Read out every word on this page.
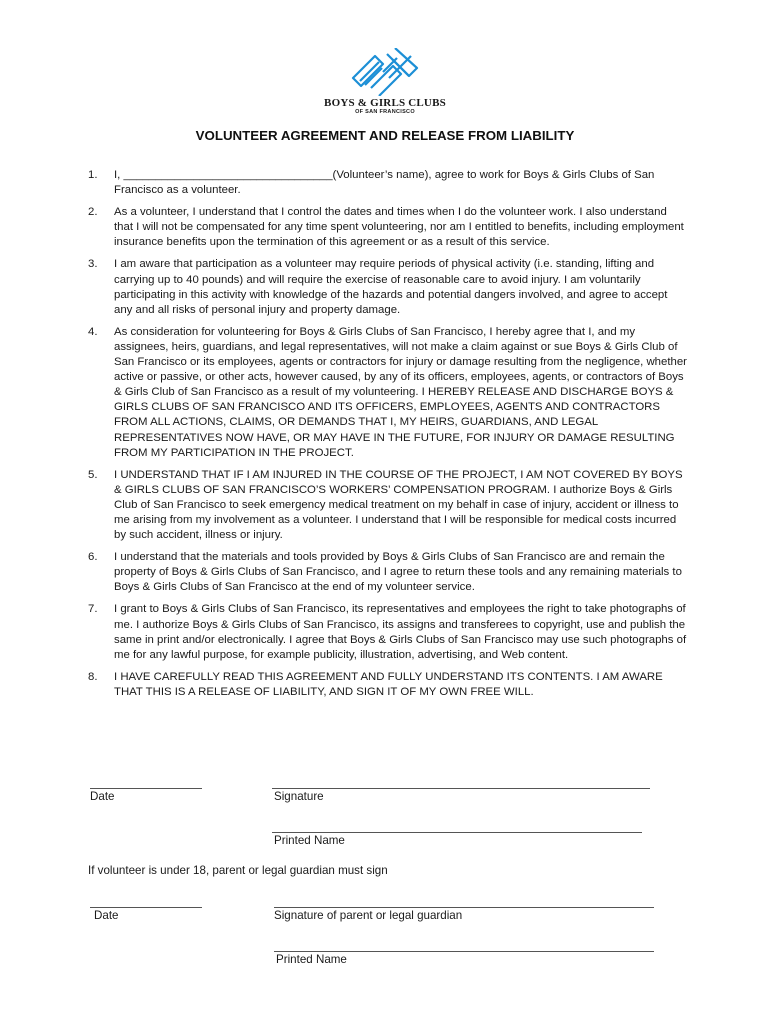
BOYS & GIRLS CLUBS
OF SAN FRANCISCO
VOLUNTEER AGREEMENT AND RELEASE FROM LIABILITY
1. I, _________________________________(Volunteer’s name), agree to work for Boys & Girls Clubs of San Francisco as a volunteer.
2. As a volunteer, I understand that I control the dates and times when I do the volunteer work. I also understand that I will not be compensated for any time spent volunteering, nor am I entitled to benefits, including employment insurance benefits upon the termination of this agreement or as a result of this service.
3. I am aware that participation as a volunteer may require periods of physical activity (i.e. standing, lifting and carrying up to 40 pounds) and will require the exercise of reasonable care to avoid injury. I am voluntarily participating in this activity with knowledge of the hazards and potential dangers involved, and agree to accept any and all risks of personal injury and property damage.
4. As consideration for volunteering for Boys & Girls Clubs of San Francisco, I hereby agree that I, and my assignees, heirs, guardians, and legal representatives, will not make a claim against or sue Boys & Girls Club of San Francisco or its employees, agents or contractors for injury or damage resulting from the negligence, whether active or passive, or other acts, however caused, by any of its officers, employees, agents, or contractors of Boys & Girls Club of San Francisco as a result of my volunteering. I HEREBY RELEASE AND DISCHARGE BOYS & GIRLS CLUBS OF SAN FRANCISCO AND ITS OFFICERS, EMPLOYEES, AGENTS AND CONTRACTORS FROM ALL ACTIONS, CLAIMS, OR DEMANDS THAT I, MY HEIRS, GUARDIANS, AND LEGAL REPRESENTATIVES NOW HAVE, OR MAY HAVE IN THE FUTURE, FOR INJURY OR DAMAGE RESULTING FROM MY PARTICIPATION IN THE PROJECT.
5. I UNDERSTAND THAT IF I AM INJURED IN THE COURSE OF THE PROJECT, I AM NOT COVERED BY BOYS & GIRLS CLUBS OF SAN FRANCISCO’S WORKERS’ COMPENSATION PROGRAM. I authorize Boys & Girls Club of San Francisco to seek emergency medical treatment on my behalf in case of injury, accident or illness to me arising from my involvement as a volunteer. I understand that I will be responsible for medical costs incurred by such accident, illness or injury.
6. I understand that the materials and tools provided by Boys & Girls Clubs of San Francisco are and remain the property of Boys & Girls Clubs of San Francisco, and I agree to return these tools and any remaining materials to Boys & Girls Clubs of San Francisco at the end of my volunteer service.
7. I grant to Boys & Girls Clubs of San Francisco, its representatives and employees the right to take photographs of me. I authorize Boys & Girls Clubs of San Francisco, its assigns and transferees to copyright, use and publish the same in print and/or electronically. I agree that Boys & Girls Clubs of San Francisco may use such photographs of me for any lawful purpose, for example publicity, illustration, advertising, and Web content.
8. I HAVE CAREFULLY READ THIS AGREEMENT AND FULLY UNDERSTAND ITS CONTENTS. I AM AWARE THAT THIS IS A RELEASE OF LIABILITY, AND SIGN IT OF MY OWN FREE WILL.
Date	Signature
Printed Name
If volunteer is under 18, parent or legal guardian must sign
Date	Signature of parent or legal guardian
Printed Name
